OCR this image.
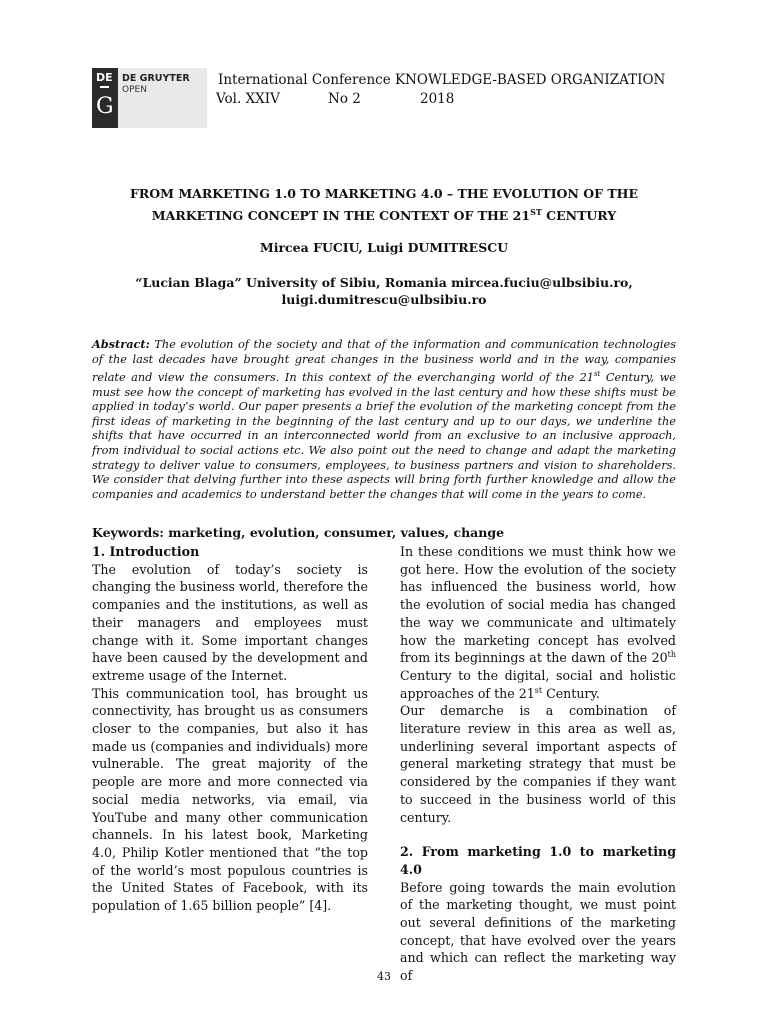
DE
G
DE GRUYTER
OPEN
International Conference KNOWLEDGE-BASED ORGANIZATION
Vol. XXIV	No 2	2018
FROM MARKETING 1.0 TO MARKETING 4.0 – THE EVOLUTION OF THE
MARKETING CONCEPT IN THE CONTEXT OF THE 21ST CENTURY
Mircea FUCIU, Luigi DUMITRESCU
“Lucian Blaga” University of Sibiu, Romania mircea.fuciu@ulbsibiu.ro,
luigi.dumitrescu@ulbsibiu.ro
Abstract: The evolution of the society and that of the information and communication technologies of the last decades have brought great changes in the business world and in the way, companies relate and view the consumers. In this context of the everchanging world of the 21st Century, we must see how the concept of marketing has evolved in the last century and how these shifts must be applied in today’s world. Our paper presents a brief the evolution of the marketing concept from the first ideas of marketing in the beginning of the last century and up to our days, we underline the shifts that have occurred in an interconnected world from an exclusive to an inclusive approach, from individual to social actions etc. We also point out the need to change and adapt the marketing strategy to deliver value to consumers, employees, to business partners and vision to shareholders. We consider that delving further into these aspects will bring forth further knowledge and allow the companies and academics to understand better the changes that will come in the years to come.
Keywords: marketing, evolution, consumer, values, change
1. Introduction

The evolution of today’s society is changing the business world, therefore the companies and the institutions, as well as their managers and employees must change with it. Some important changes have been caused by the development and extreme usage of the Internet.

This communication tool, has brought us connectivity, has brought us as consumers closer to the companies, but also it has made us (companies and individuals) more vulnerable. The great majority of the people are more and more connected via social media networks, via email, via YouTube and many other communication channels. In his latest book, Marketing 4.0, Philip Kotler mentioned that “the top of the world’s most populous countries is the United States of Facebook, with its population of 1.65 billion people” [4].

In these conditions we must think how we got here. How the evolution of the society has influenced the business world, how the evolution of social media has changed the way we communicate and ultimately how the marketing concept has evolved from its beginnings at the dawn of the 20th Century to the digital, social and holistic approaches of the 21st Century.

Our demarche is a combination of literature review in this area as well as, underlining several important aspects of general marketing strategy that must be considered by the companies if they want to succeed in the business world of this century.

2. From marketing 1.0 to marketing 4.0

Before going towards the main evolution of the marketing thought, we must point out several definitions of the marketing concept, that have evolved over the years and which can reflect the marketing way of

43
